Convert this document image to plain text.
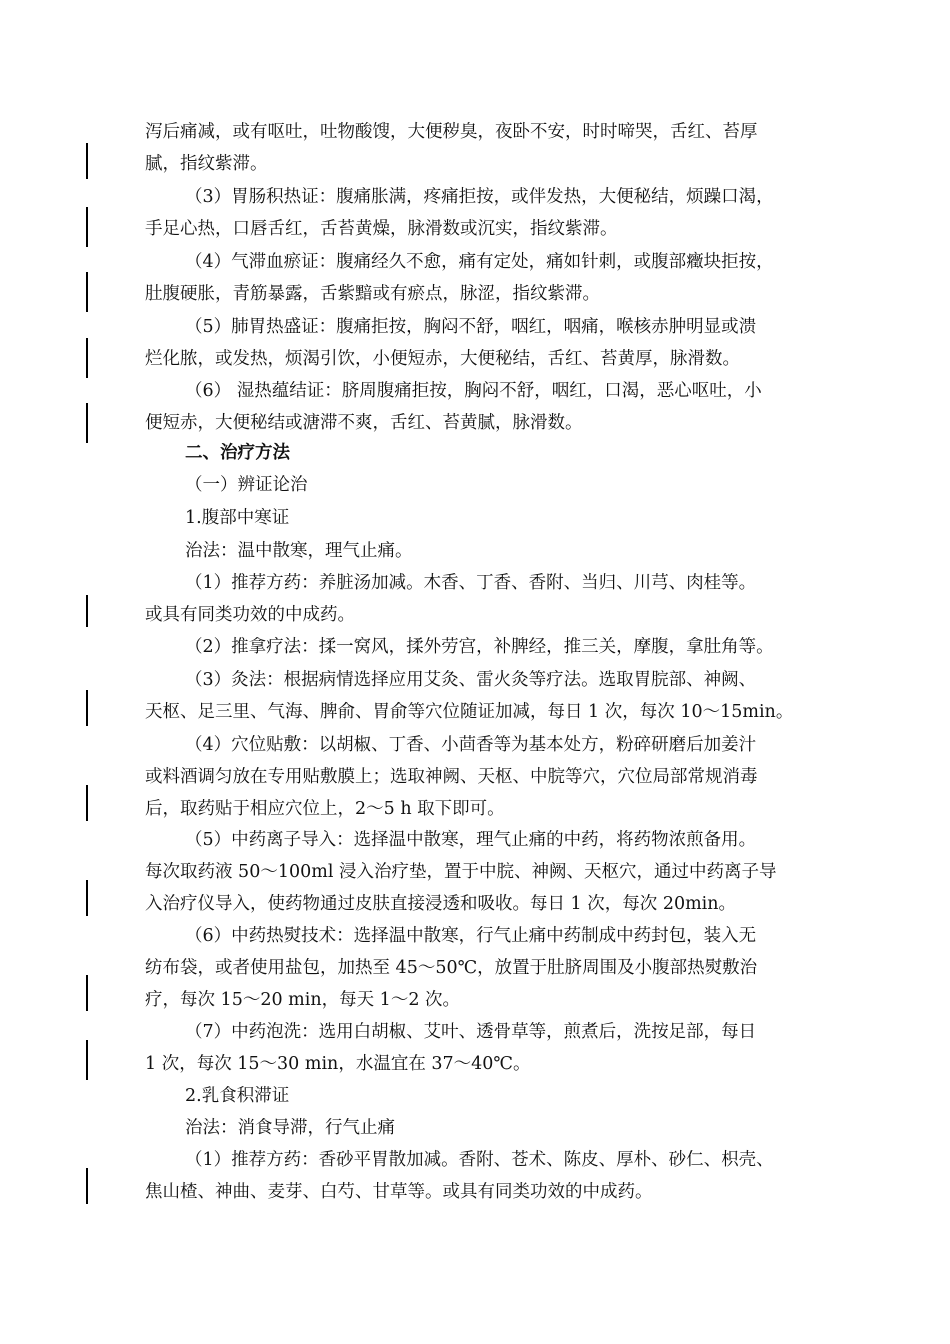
泻后痛减，或有呕吐，吐物酸馊，大便秽臭，夜卧不安，时时啼哭，舌红、苔厚
腻，指纹紫滞。
（3）胃肠积热证：腹痛胀满，疼痛拒按，或伴发热，大便秘结，烦躁口渴，
手足心热，口唇舌红，舌苔黄燥，脉滑数或沉实，指纹紫滞。
（4）气滞血瘀证：腹痛经久不愈，痛有定处，痛如针刺，或腹部癥块拒按，
肚腹硬胀，青筋暴露，舌紫黯或有瘀点，脉涩，指纹紫滞。
（5）肺胃热盛证：腹痛拒按，胸闷不舒，咽红，咽痛，喉核赤肿明显或溃
烂化脓，或发热，烦渴引饮，小便短赤，大便秘结，舌红、苔黄厚，脉滑数。
（6） 湿热蕴结证：脐周腹痛拒按，胸闷不舒，咽红，口渴，恶心呕吐，小
便短赤，大便秘结或溏滞不爽，舌红、苔黄腻，脉滑数。
二、治疗方法
（一）辨证论治
1.腹部中寒证
治法：温中散寒，理气止痛。
（1）推荐方药：养脏汤加减。木香、丁香、香附、当归、川芎、肉桂等。
或具有同类功效的中成药。
（2）推拿疗法：揉一窝风，揉外劳宫，补脾经，推三关，摩腹，拿肚角等。
（3）灸法：根据病情选择应用艾灸、雷火灸等疗法。选取胃脘部、神阙、
天枢、足三里、气海、脾俞、胃俞等穴位随证加减，每日 1 次，每次 10～15min。
（4）穴位贴敷：以胡椒、丁香、小茴香等为基本处方，粉碎研磨后加姜汁
或料酒调匀放在专用贴敷膜上；选取神阙、天枢、中脘等穴，穴位局部常规消毒
后，取药贴于相应穴位上，2～5 h 取下即可。
（5）中药离子导入：选择温中散寒，理气止痛的中药，将药物浓煎备用。
每次取药液 50～100ml 浸入治疗垫，置于中脘、神阙、天枢穴，通过中药离子导
入治疗仪导入，使药物通过皮肤直接浸透和吸收。每日 1 次，每次 20min。
（6）中药热熨技术：选择温中散寒，行气止痛中药制成中药封包，装入无
纺布袋，或者使用盐包，加热至 45～50℃，放置于肚脐周围及小腹部热熨敷治
疗，每次 15～20 min，每天 1～2 次。
（7）中药泡洗：选用白胡椒、艾叶、透骨草等，煎煮后，洗按足部，每日
1 次，每次 15～30 min，水温宜在 37～40℃。
2.乳食积滞证
治法：消食导滞，行气止痛
（1）推荐方药：香砂平胃散加减。香附、苍术、陈皮、厚朴、砂仁、枳壳、
焦山楂、神曲、麦芽、白芍、甘草等。或具有同类功效的中成药。
